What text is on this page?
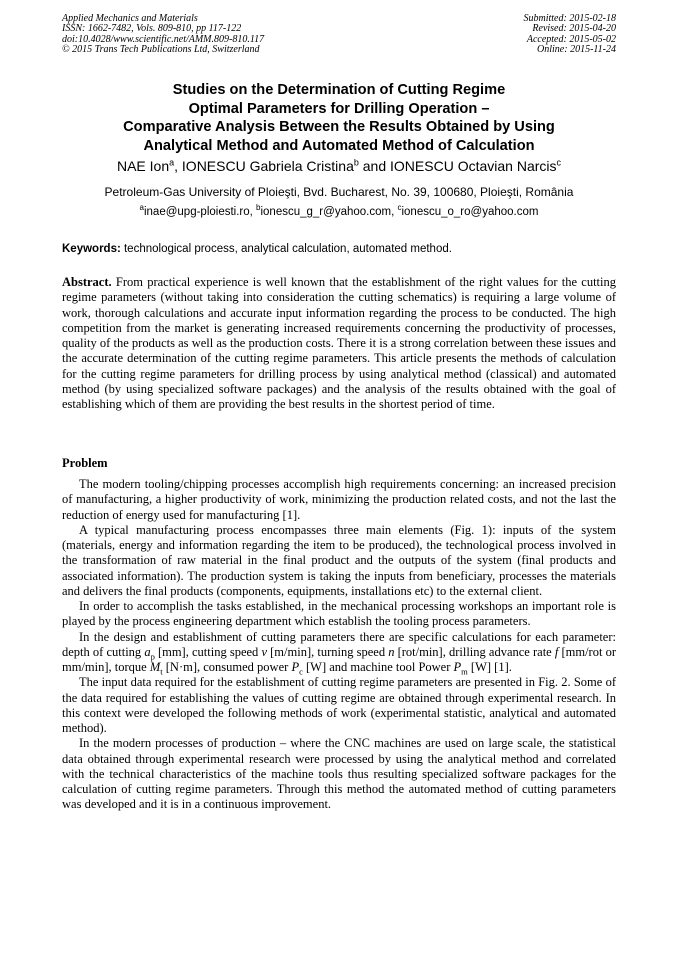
Applied Mechanics and Materials
ISSN: 1662-7482, Vols. 809-810, pp 117-122
doi:10.4028/www.scientific.net/AMM.809-810.117
© 2015 Trans Tech Publications Ltd, Switzerland
Submitted: 2015-02-18
Revised: 2015-04-20
Accepted: 2015-05-02
Online: 2015-11-24
Studies on the Determination of Cutting Regime
Optimal Parameters for Drilling Operation –
Comparative Analysis Between the Results Obtained by Using
Analytical Method and Automated Method of Calculation
NAE Ion$^a$, IONESCU Gabriela Cristina$^b$ and IONESCU Octavian Narcis$^c$
Petroleum-Gas University of Ploieşti, Bvd. Bucharest, No. 39, 100680, Ploieşti, România
$^a$inae@upg-ploiesti.ro, $^b$ionescu_g_r@yahoo.com, $^c$ionescu_o_ro@yahoo.com
Keywords: technological process, analytical calculation, automated method.

Abstract. From practical experience is well known that the establishment of the right values for the cutting regime parameters (without taking into consideration the cutting schematics) is requiring a large volume of work, thorough calculations and accurate input information regarding the process to be conducted. The high competition from the market is generating increased requirements concerning the productivity of processes, quality of the products as well as the production costs. There it is a strong correlation between these issues and the accurate determination of the cutting regime parameters. This article presents the methods of calculation for the cutting regime parameters for drilling process by using analytical method (classical) and automated method (by using specialized software packages) and the analysis of the results obtained with the goal of establishing which of them are providing the best results in the shortest period of time.

Problem

The modern tooling/chipping processes accomplish high requirements concerning: an increased precision of manufacturing, a higher productivity of work, minimizing the production related costs, and not the last the reduction of energy used for manufacturing [1].

A typical manufacturing process encompasses three main elements (Fig. 1): inputs of the system (materials, energy and information regarding the item to be produced), the technological process involved in the transformation of raw material in the final product and the outputs of the system (final products and associated information). The production system is taking the inputs from beneficiary, processes the materials and delivers the final products (components, equipments, installations etc) to the external client.

In order to accomplish the tasks established, in the mechanical processing workshops an important role is played by the process engineering department which establish the tooling process parameters.

In the design and establishment of cutting parameters there are specific calculations for each parameter: depth of cutting $a_p$ [mm], cutting speed v [m/min], turning speed n [rot/min], drilling advance rate f [mm/rot or mm/min], torque $M_t$ [N·m], consumed power $P_c$ [W] and machine tool Power $P_m$ [W] [1].

The input data required for the establishment of cutting regime parameters are presented in Fig. 2. Some of the data required for establishing the values of cutting regime are obtained through experimental research. In this context were developed the following methods of work (experimental statistic, analytical and automated method).

In the modern processes of production – where the CNC machines are used on large scale, the statistical data obtained through experimental research were processed by using the analytical method and correlated with the technical characteristics of the machine tools thus resulting specialized software packages for the calculation of cutting regime parameters. Through this method the automated method of cutting parameters was developed and it is in a continuous improvement.
